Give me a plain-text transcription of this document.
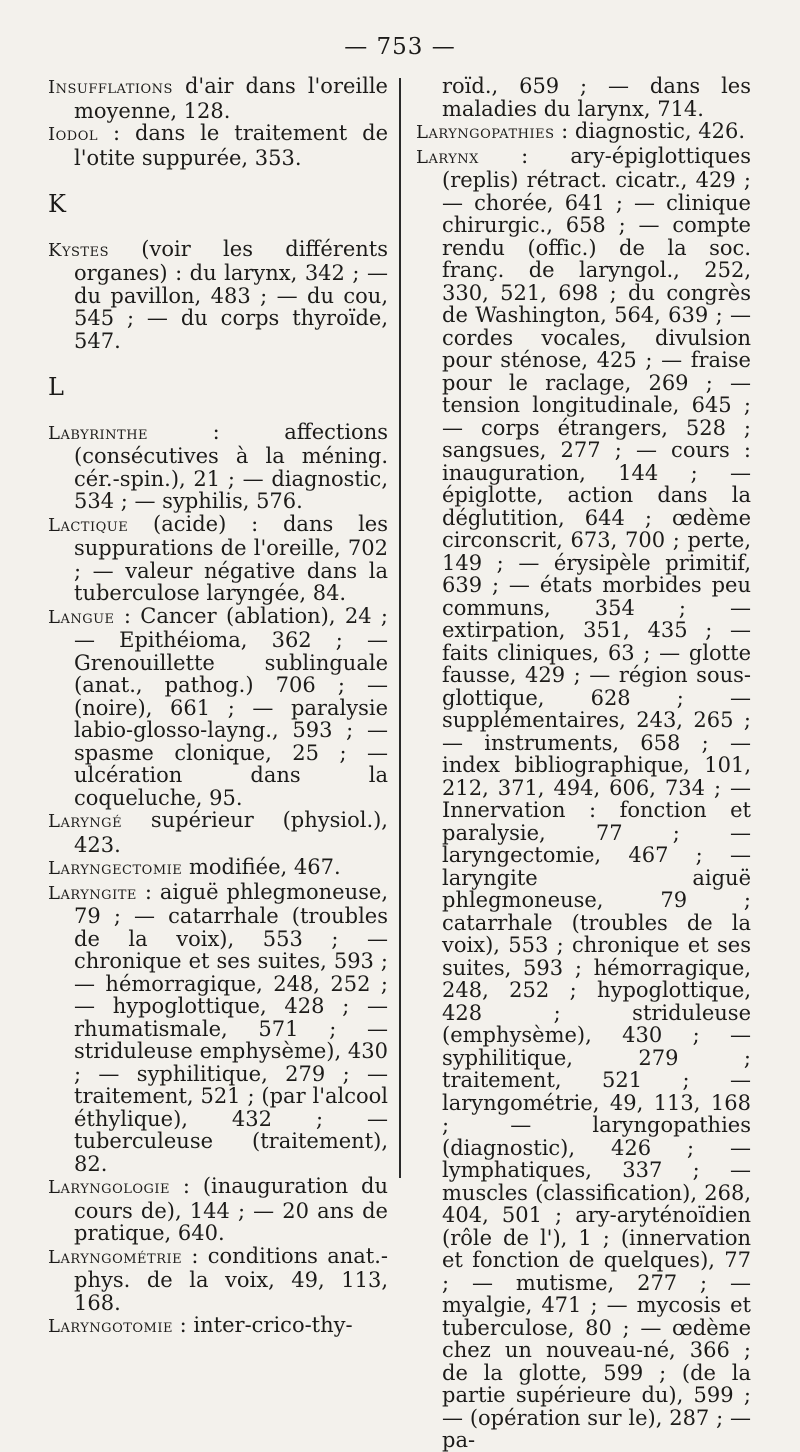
— 753 —

Insufflations d'air dans l'oreille moyenne, 128.

Iodol : dans le traitement de l'otite suppurée, 353.

K

Kystes (voir les différents organes) : du larynx, 342 ; — du pavillon, 483 ; — du cou, 545 ; — du corps thyroïde, 547.

L

Labyrinthe : affections (consécutives à la méning. cér.-spin.), 21 ; — diagnostic, 534 ; — syphilis, 576.

Lactique (acide) : dans les suppurations de l'oreille, 702 ; — valeur négative dans la tuberculose laryngée, 84.

Langue : Cancer (ablation), 24 ; — Epithéioma, 362 ; — Grenouillette sublinguale (anat., pathog.) 706 ; — (noire), 661 ; — paralysie labio-glosso-layng., 593 ; — spasme clonique, 25 ; — ulcération dans la coqueluche, 95.

Laryngé supérieur (physiol.), 423.

Laryngectomie modifiée, 467.

Laryngite : aiguë phlegmoneuse, 79 ; — catarrhale (troubles de la voix), 553 ; — chronique et ses suites, 593 ; — hémorragique, 248, 252 ; — hypoglottique, 428 ; — rhumatismale, 571 ; — striduleuse emphysème), 430 ; — syphilitique, 279 ; — traitement, 521 ; (par l'alcool éthylique), 432 ; — tuberculeuse (traitement), 82.

Laryngologie : (inauguration du cours de), 144 ; — 20 ans de pratique, 640.

Laryngométrie : conditions anat.-phys. de la voix, 49, 113, 168.

Laryngotomie : inter-crico-thy-

roïd., 659 ; — dans les maladies du larynx, 714.

Laryngopathies : diagnostic, 426.

Larynx : ary-épiglottiques (replis) rétract. cicatr., 429 ; — chorée, 641 ; — clinique chirurgic., 658 ; — compte rendu (offic.) de la soc. franç. de laryngol., 252, 330, 521, 698 ; du congrès de Washington, 564, 639 ; — cordes vocales, divulsion pour sténose, 425 ; — fraise pour le raclage, 269 ; — tension longitudinale, 645 ; — corps étrangers, 528 ; sangsues, 277 ; — cours : inauguration, 144 ; — épiglotte, action dans la déglutition, 644 ; œdème circonscrit, 673, 700 ; perte, 149 ; — érysipèle primitif, 639 ; — états morbides peu communs, 354 ; — extirpation, 351, 435 ; — faits cliniques, 63 ; — glotte fausse, 429 ; — région sous-glottique, 628 ; — supplémentaires, 243, 265 ; — instruments, 658 ; — index bibliographique, 101, 212, 371, 494, 606, 734 ; — Innervation : fonction et paralysie, 77 ; — laryngectomie, 467 ; — laryngite aiguë phlegmoneuse, 79 ; catarrhale (troubles de la voix), 553 ; chronique et ses suites, 593 ; hémorragique, 248, 252 ; hypoglottique, 428 ; striduleuse (emphysème), 430 ; — syphilitique, 279 ; traitement, 521 ; — laryngométrie, 49, 113, 168 ; — laryngopathies (diagnostic), 426 ; — lymphatiques, 337 ; — muscles (classification), 268, 404, 501 ; ary-aryténoïdien (rôle de l'), 1 ; (innervation et fonction de quelques), 77 ; — mutisme, 277 ; — myalgie, 471 ; — mycosis et tuberculose, 80 ; — œdème chez un nouveau-né, 366 ; de la glotte, 599 ; (de la partie supérieure du), 599 ; — (opération sur le), 287 ; — pa-
